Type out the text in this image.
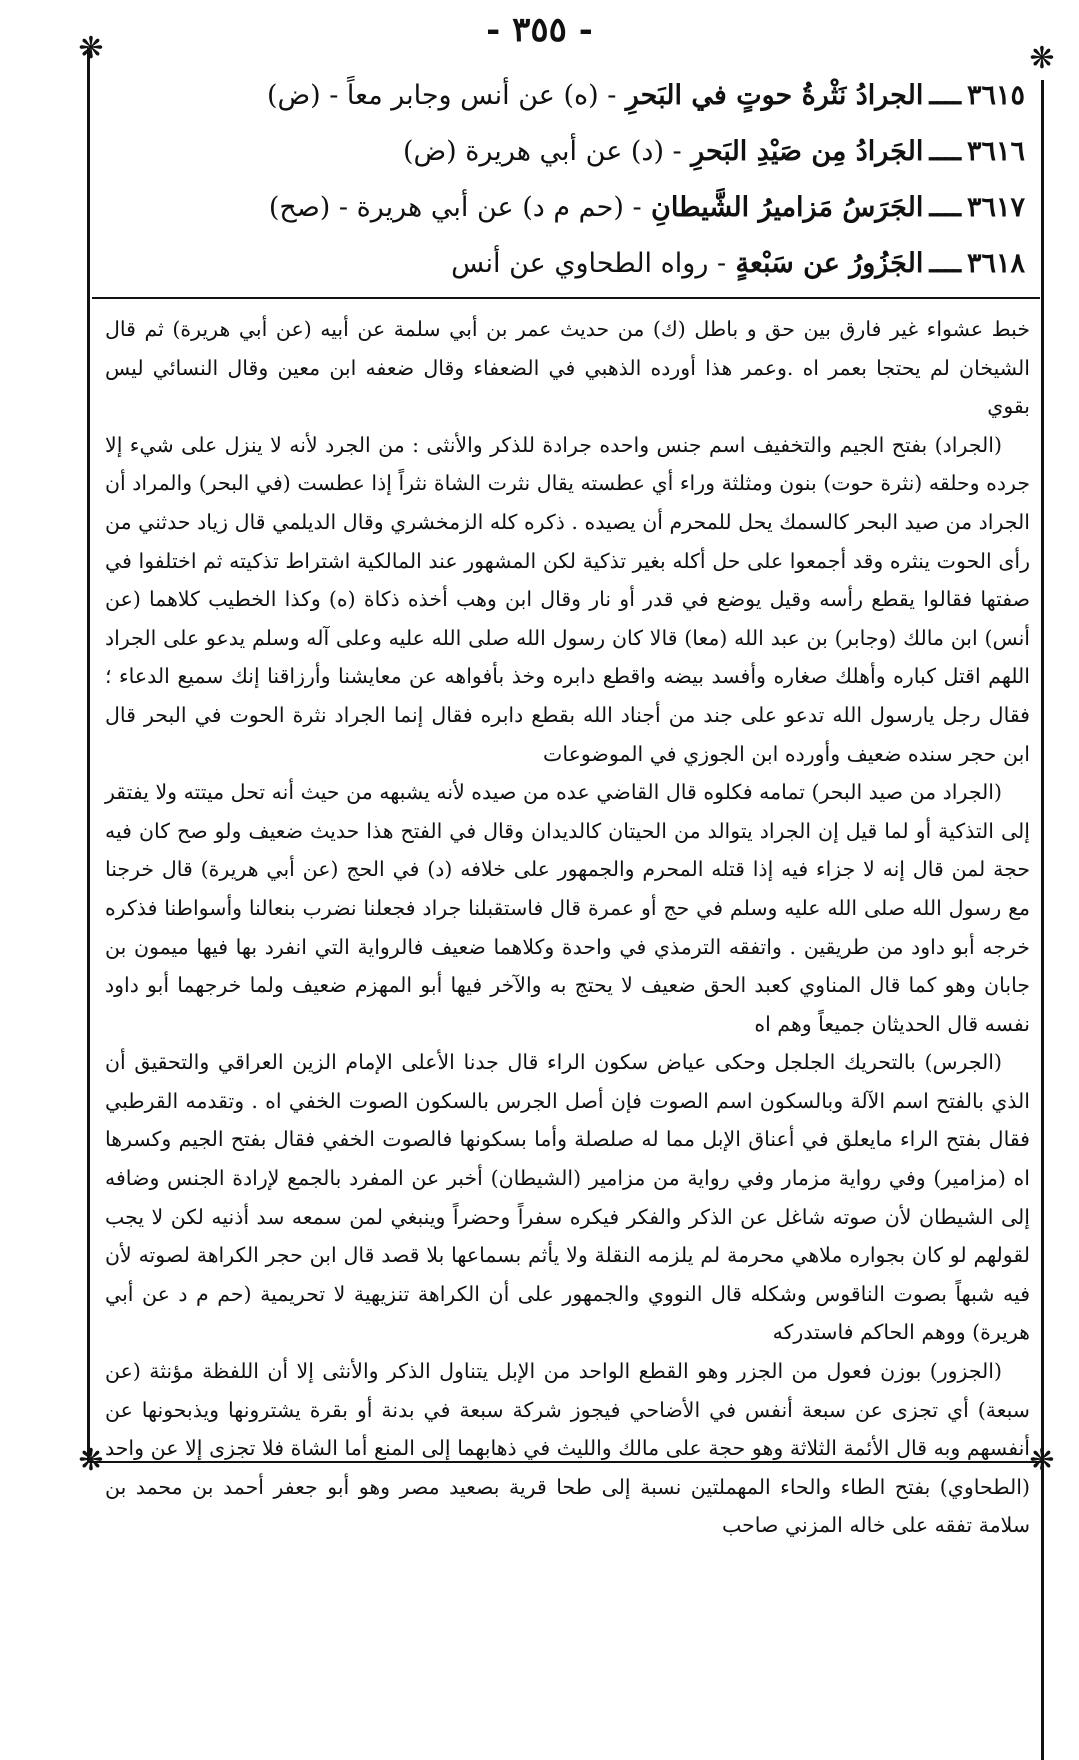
- ٣٥٥ -
❋	❋
❋	❋
٣٦١٥ــــالجرادُ نَثْرةُ حوتٍ في البَحرِ - (ه) عن أنس وجابر معاً - (ض)
٣٦١٦ــــالجَرادُ مِن صَيْدِ البَحرِ - (د) عن أبي هريرة (ض)
٣٦١٧ــــالجَرَسُ مَزاميرُ الشَّيطانِ - (حم م د) عن أبي هريرة - (صح)
٣٦١٨ــــالجَزُورُ عن سَبْعةٍ - رواه الطحاوي عن أنس

خبط عشواء غير فارق بين حق و باطل (ك) من حديث عمر بن أبي سلمة عن أبيه (عن أبي هريرة) ثم قال الشيخان لم يحتجا بعمر اه .وعمر هذا أورده الذهبي في الضعفاء وقال ضعفه ابن معين وقال النسائي ليس بقوي

(الجراد) بفتح الجيم والتخفيف اسم جنس واحده جرادة للذكر والأنثى : من الجرد لأنه لا ينزل على شيء إلا جرده وحلقه (نثرة حوت) بنون ومثلثة وراء أي عطسته يقال نثرت الشاة نثراً إذا عطست (في البحر) والمراد أن الجراد من صيد البحر كالسمك يحل للمحرم أن يصيده . ذكره كله الزمخشري وقال الديلمي قال زياد حدثني من رأى الحوت ينثره وقد أجمعوا على حل أكله بغير تذكية لكن المشهور عند المالكية اشتراط تذكيته ثم اختلفوا في صفتها فقالوا يقطع رأسه وقيل يوضع في قدر أو نار وقال ابن وهب أخذه ذكاة (ه) وكذا الخطيب كلاهما (عن أنس) ابن مالك (وجابر) بن عبد الله (معا) قالا كان رسول الله صلى الله عليه وعلى آله وسلم يدعو على الجراد اللهم اقتل كباره وأهلك صغاره وأفسد بيضه واقطع دابره وخذ بأفواهه عن معايشنا وأرزاقنا إنك سميع الدعاء ؛ فقال رجل يارسول الله تدعو على جند من أجناد الله بقطع دابره فقال إنما الجراد نثرة الحوت في البحر قال ابن حجر سنده ضعيف وأورده ابن الجوزي في الموضوعات

(الجراد من صيد البحر) تمامه فكلوه قال القاضي عده من صيده لأنه يشبهه من حيث أنه تحل ميتته ولا يفتقر إلى التذكية أو لما قيل إن الجراد يتوالد من الحيتان كالديدان وقال في الفتح هذا حديث ضعيف ولو صح كان فيه حجة لمن قال إنه لا جزاء فيه إذا قتله المحرم والجمهور على خلافه (د) في الحج (عن أبي هريرة) قال خرجنا مع رسول الله صلى الله عليه وسلم في حج أو عمرة قال فاستقبلنا جراد فجعلنا نضرب بنعالنا وأسواطنا فذكره خرجه أبو داود من طريقين . واتفقه الترمذي في واحدة وكلاهما ضعيف فالرواية التي انفرد بها فيها ميمون بن جابان وهو كما قال المناوي كعبد الحق ضعيف لا يحتج به والآخر فيها أبو المهزم ضعيف ولما خرجهما أبو داود نفسه قال الحديثان جميعاً وهم اه

(الجرس) بالتحريك الجلجل وحكى عياض سكون الراء قال جدنا الأعلى الإمام الزين العراقي والتحقيق أن الذي بالفتح اسم الآلة وبالسكون اسم الصوت فإن أصل الجرس بالسكون الصوت الخفي اه . وتقدمه القرطبي فقال بفتح الراء مايعلق في أعناق الإبل مما له صلصلة وأما بسكونها فالصوت الخفي فقال بفتح الجيم وكسرها اه (مزامير) وفي رواية مزمار وفي رواية من مزامير (الشيطان) أخبر عن المفرد بالجمع لإرادة الجنس وضافه إلى الشيطان لأن صوته شاغل عن الذكر والفكر فيكره سفراً وحضراً وينبغي لمن سمعه سد أذنيه لكن لا يجب لقولهم لو كان بجواره ملاهي محرمة لم يلزمه النقلة ولا يأثم بسماعها بلا قصد قال ابن حجر الكراهة لصوته لأن فيه شبهاً بصوت الناقوس وشكله قال النووي والجمهور على أن الكراهة تنزيهية لا تحريمية (حم م د عن أبي هريرة) ووهم الحاكم فاستدركه

(الجزور) بوزن فعول من الجزر وهو القطع الواحد من الإبل يتناول الذكر والأنثى إلا أن اللفظة مؤنثة (عن سبعة) أي تجزى عن سبعة أنفس في الأضاحي فيجوز شركة سبعة في بدنة أو بقرة يشترونها ويذبحونها عن أنفسهم وبه قال الأئمة الثلاثة وهو حجة على مالك والليث في ذهابهما إلى المنع أما الشاة فلا تجزى إلا عن واحد (الطحاوي) بفتح الطاء والحاء المهملتين نسبة إلى طحا قرية بصعيد مصر وهو أبو جعفر أحمد بن محمد بن سلامة تفقه على خاله المزني صاحب
